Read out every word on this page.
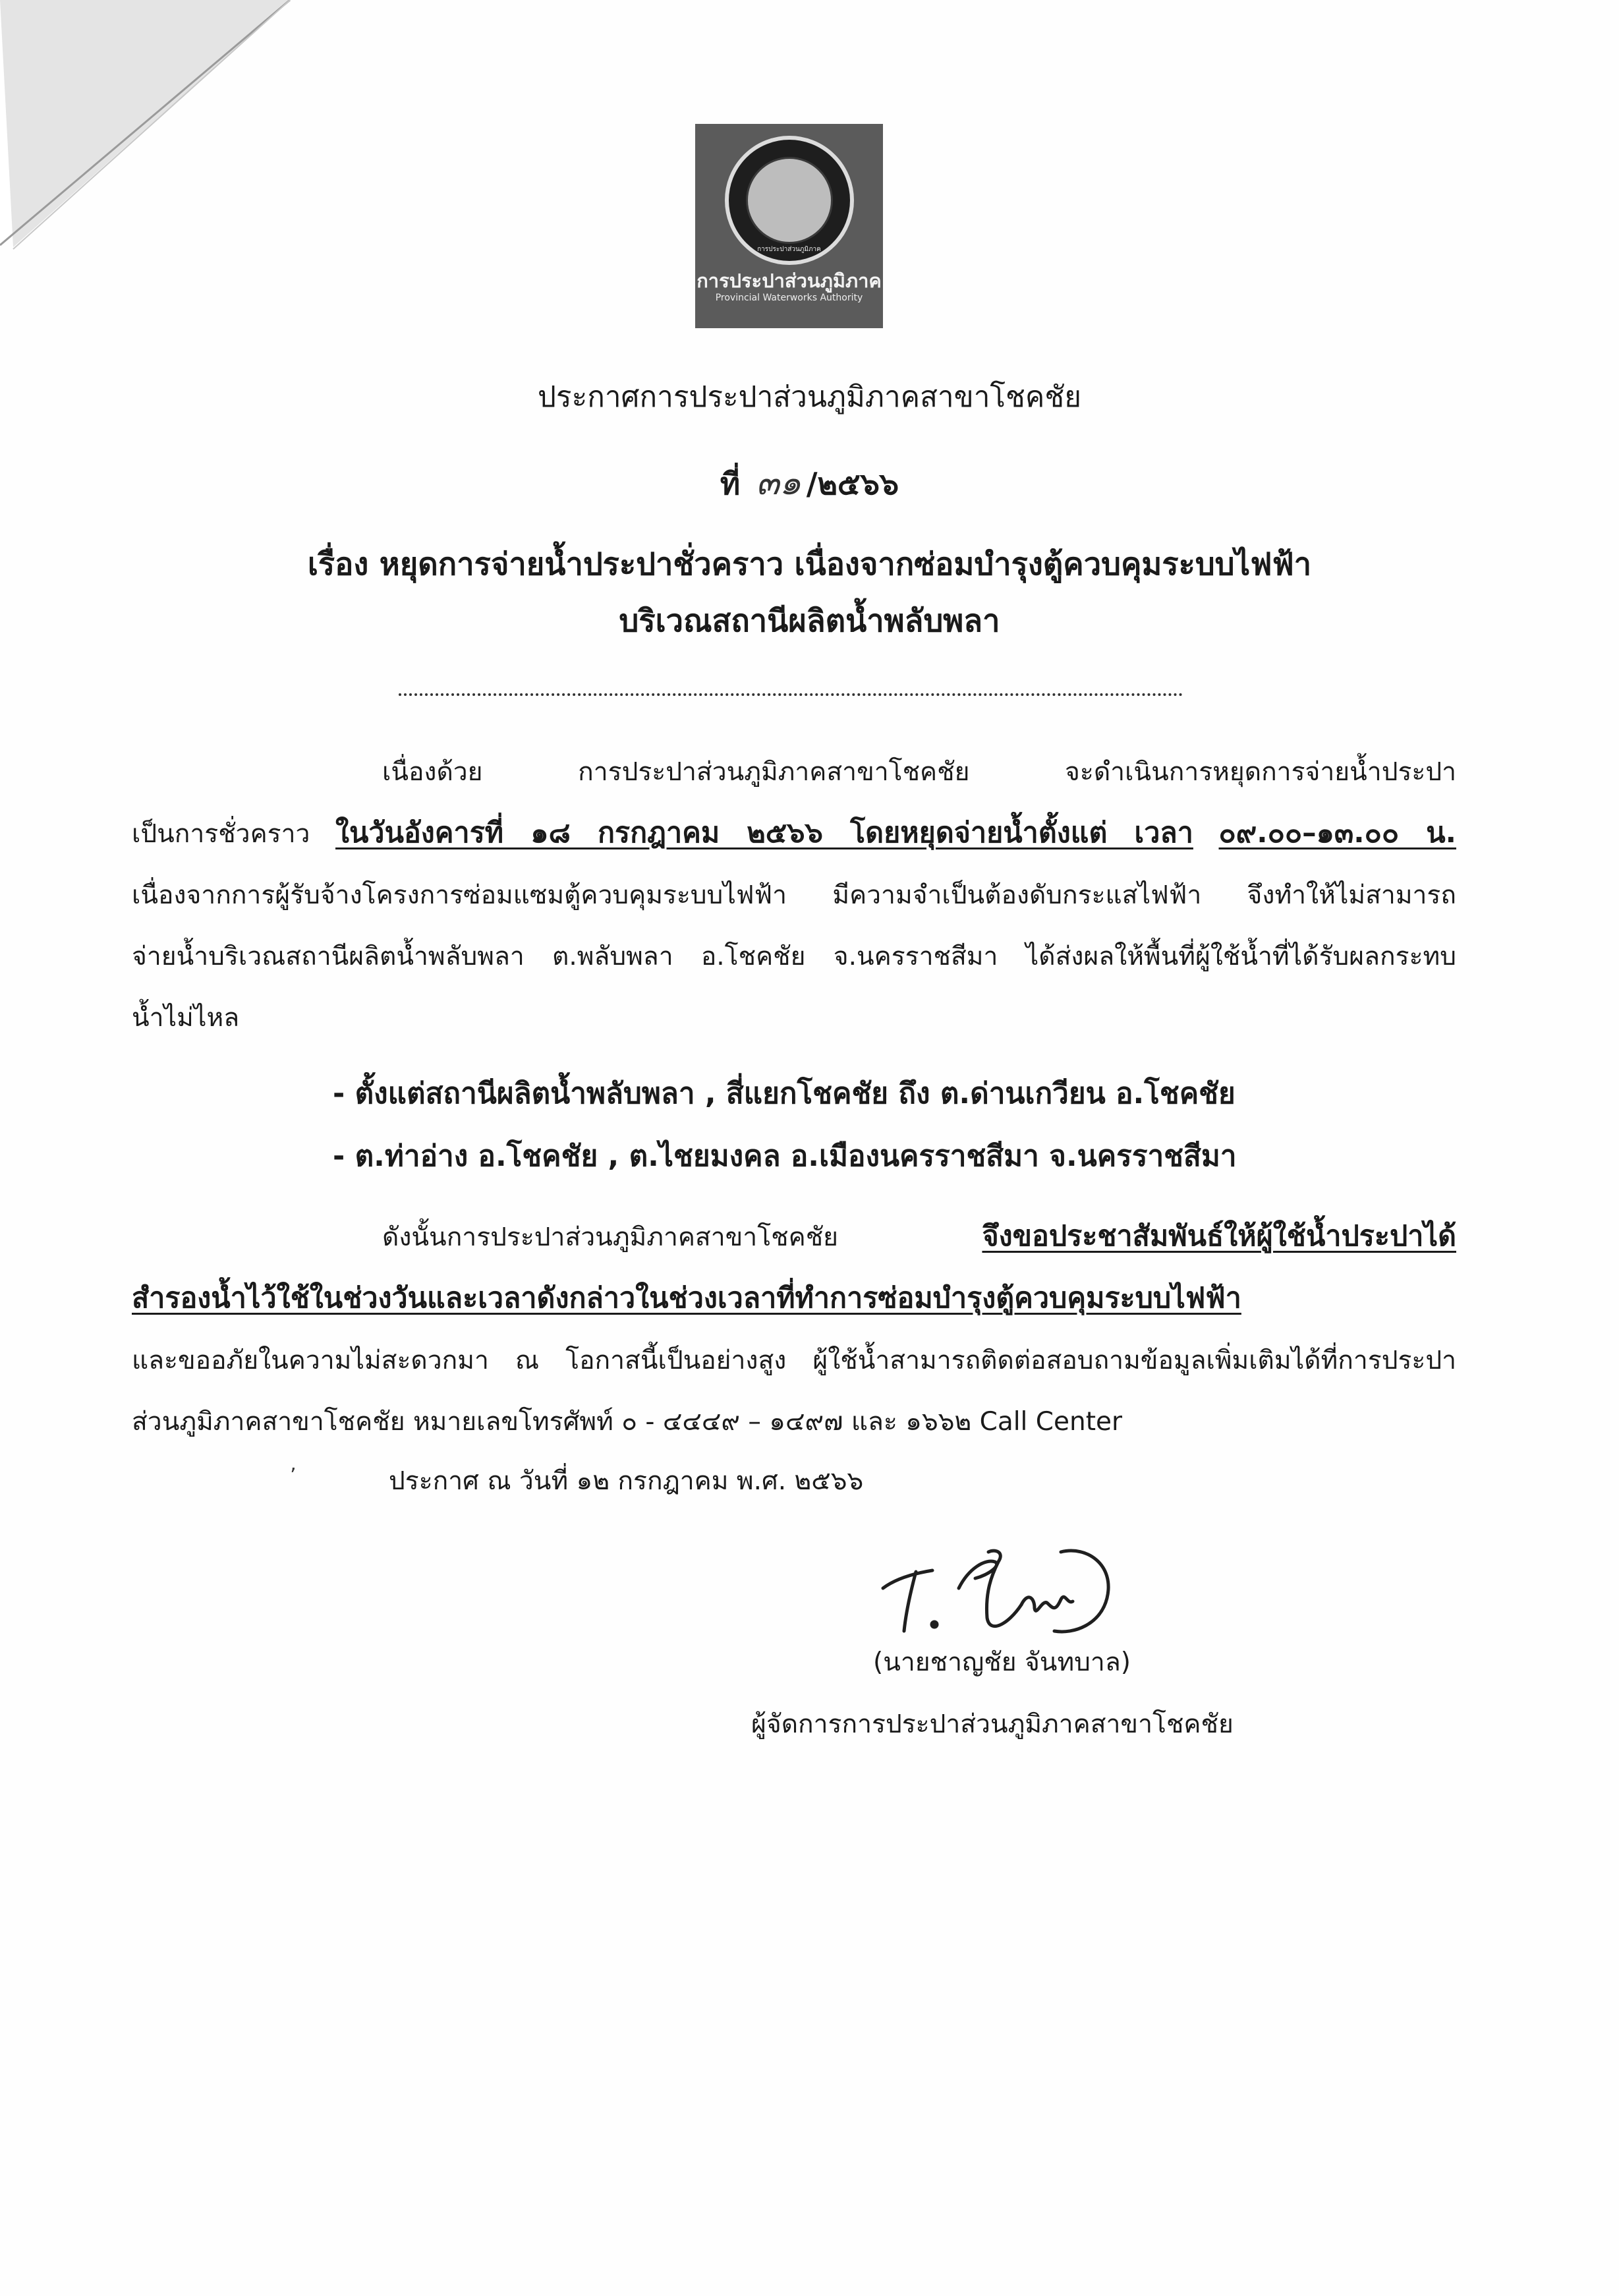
การประปาส่วนภูมิภาค
การประปาส่วนภูมิภาค
Provincial Waterworks Authority
ประกาศการประปาส่วนภูมิภาคสาขาโชคชัย
ที่ ๓๑ /๒๕๖๖
เรื่อง หยุดการจ่ายน้ำประปาชั่วคราว เนื่องจากซ่อมบำรุงตู้ควบคุมระบบไฟฟ้า
บริเวณสถานีผลิตน้ำพลับพลา
เนื่องด้วย การประปาส่วนภูมิภาคสาขาโชคชัย จะดำเนินการหยุดการจ่ายน้ำประปา
เป็นการชั่วคราว ในวันอังคารที่ ๑๘ กรกฎาคม ๒๕๖๖ โดยหยุดจ่ายน้ำตั้งแต่ เวลา ๐๙.๐๐–๑๓.๐๐ น.
เนื่องจากการผู้รับจ้างโครงการซ่อมแซมตู้ควบคุมระบบไฟฟ้า มีความจำเป็นต้องดับกระแสไฟฟ้า จึงทำให้ไม่สามารถ
จ่ายน้ำบริเวณสถานีผลิตน้ำพลับพลา ต.พลับพลา อ.โชคชัย จ.นครราชสีมา ได้ส่งผลให้พื้นที่ผู้ใช้น้ำที่ได้รับผลกระทบ
น้ำไม่ไหล
- ตั้งแต่สถานีผลิตน้ำพลับพลา , สี่แยกโชคชัย ถึง ต.ด่านเกวียน อ.โชคชัย
- ต.ท่าอ่าง อ.โชคชัย , ต.ไชยมงคล อ.เมืองนครราชสีมา จ.นครราชสีมา
ดังนั้นการประปาส่วนภูมิภาคสาขาโชคชัย	จึงขอประชาสัมพันธ์ให้ผู้ใช้น้ำประปาได้
สำรองน้ำไว้ใช้ในช่วงวันและเวลาดังกล่าวในช่วงเวลาที่ทำการซ่อมบำรุงตู้ควบคุมระบบไฟฟ้า
และขออภัยในความไม่สะดวกมา ณ โอกาสนี้เป็นอย่างสูง ผู้ใช้น้ำสามารถติดต่อสอบถามข้อมูลเพิ่มเติมได้ที่การประปา
ส่วนภูมิภาคสาขาโชคชัย หมายเลขโทรศัพท์ ๐ - ๔๔๔๙ – ๑๔๙๗ และ ๑๖๖๒ Call Center
’	ประกาศ ณ วันที่ ๑๒ กรกฎาคม พ.ศ. ๒๕๖๖
(นายชาญชัย จันทบาล)
ผู้จัดการการประปาส่วนภูมิภาคสาขาโชคชัย
